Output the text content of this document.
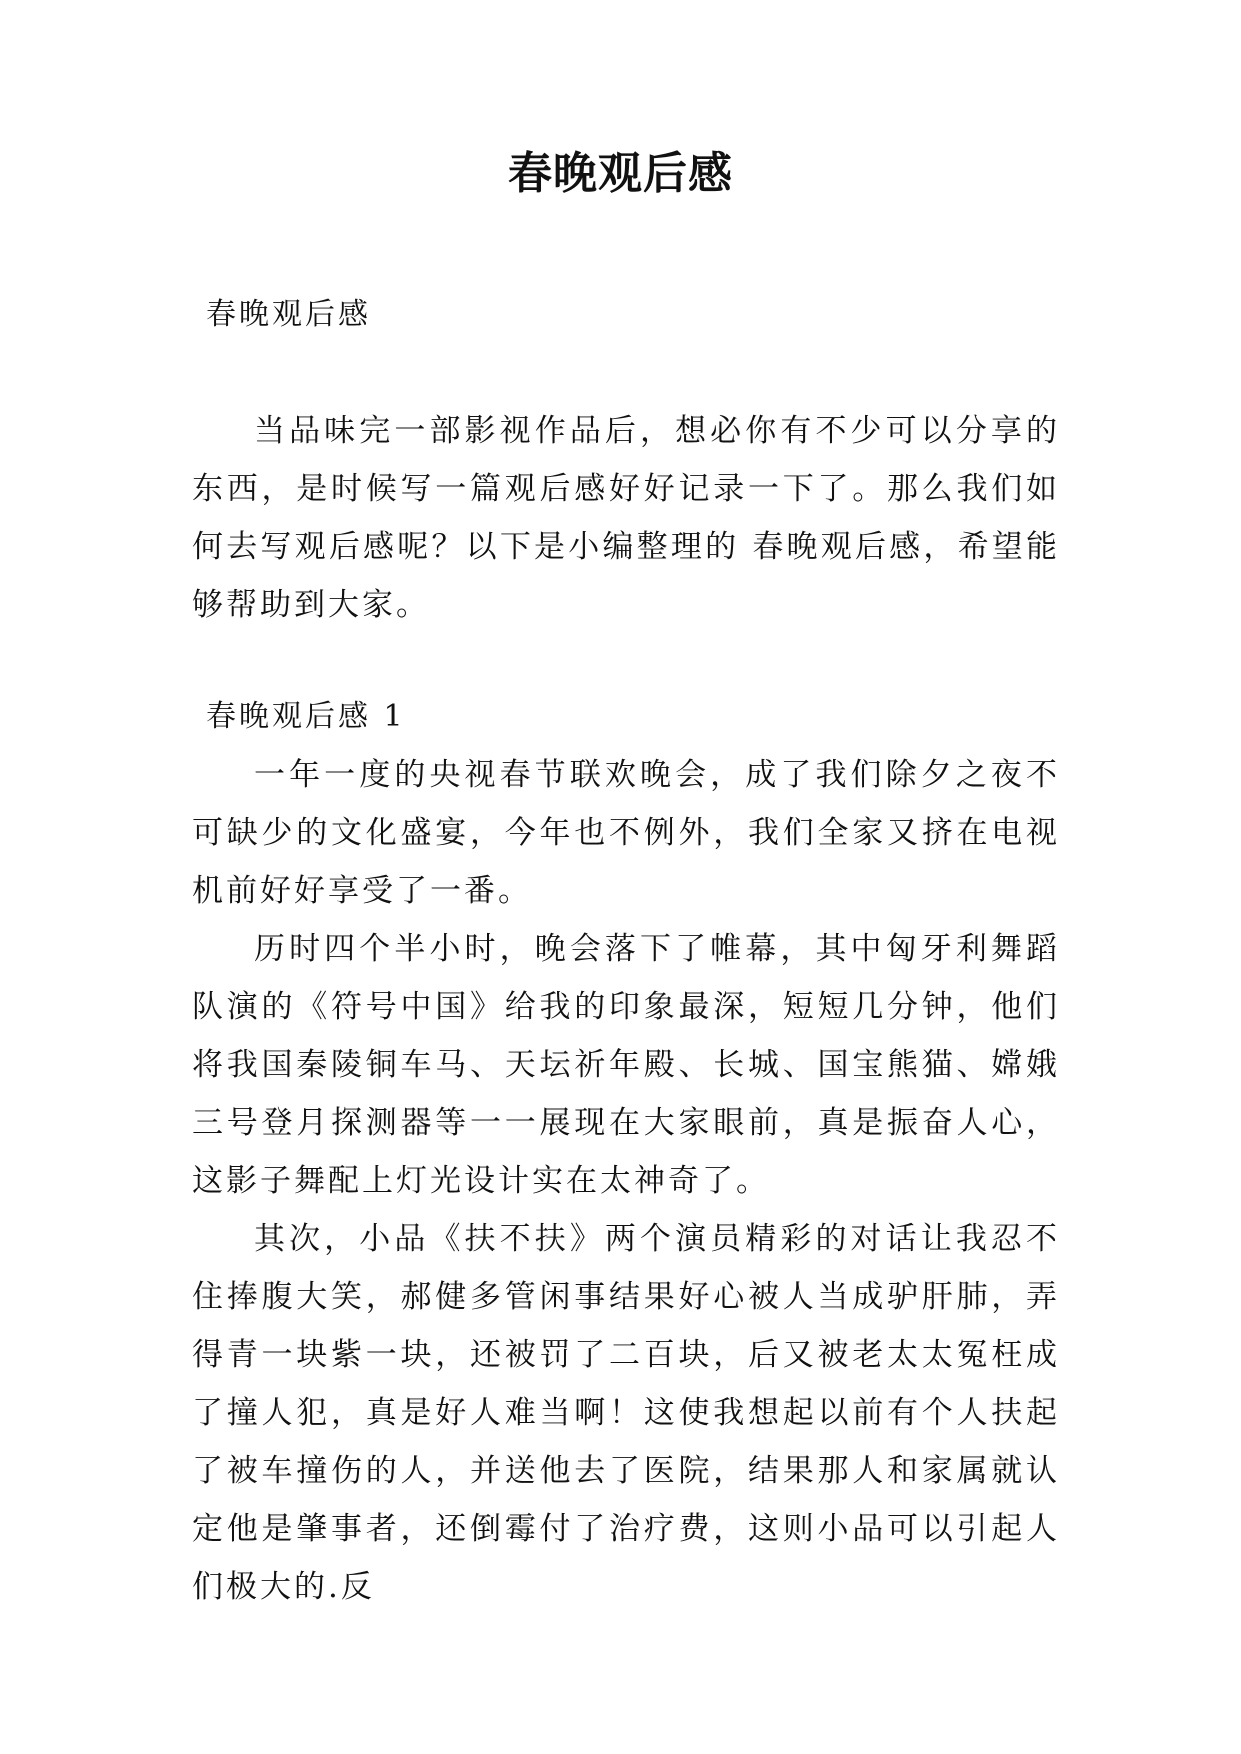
春晚观后感

春晚观后感

当品味完一部影视作品后，想必你有不少可以分享的东西，是时候写一篇观后感好好记录一下了。那么我们如何去写观后感呢？以下是小编整理的 春晚观后感，希望能够帮助到大家。

春晚观后感 1

一年一度的央视春节联欢晚会，成了我们除夕之夜不可缺少的文化盛宴，今年也不例外，我们全家又挤在电视机前好好享受了一番。

历时四个半小时，晚会落下了帷幕，其中匈牙利舞蹈队演的《符号中国》给我的印象最深，短短几分钟，他们将我国秦陵铜车马、天坛祈年殿、长城、国宝熊猫、嫦娥三号登月探测器等一一展现在大家眼前，真是振奋人心，这影子舞配上灯光设计实在太神奇了。

其次，小品《扶不扶》两个演员精彩的对话让我忍不住捧腹大笑，郝健多管闲事结果好心被人当成驴肝肺，弄得青一块紫一块，还被罚了二百块，后又被老太太冤枉成了撞人犯，真是好人难当啊！这使我想起以前有个人扶起了被车撞伤的人，并送他去了医院，结果那人和家属就认定他是肇事者，还倒霉付了治疗费，这则小品可以引起人们极大的.反
